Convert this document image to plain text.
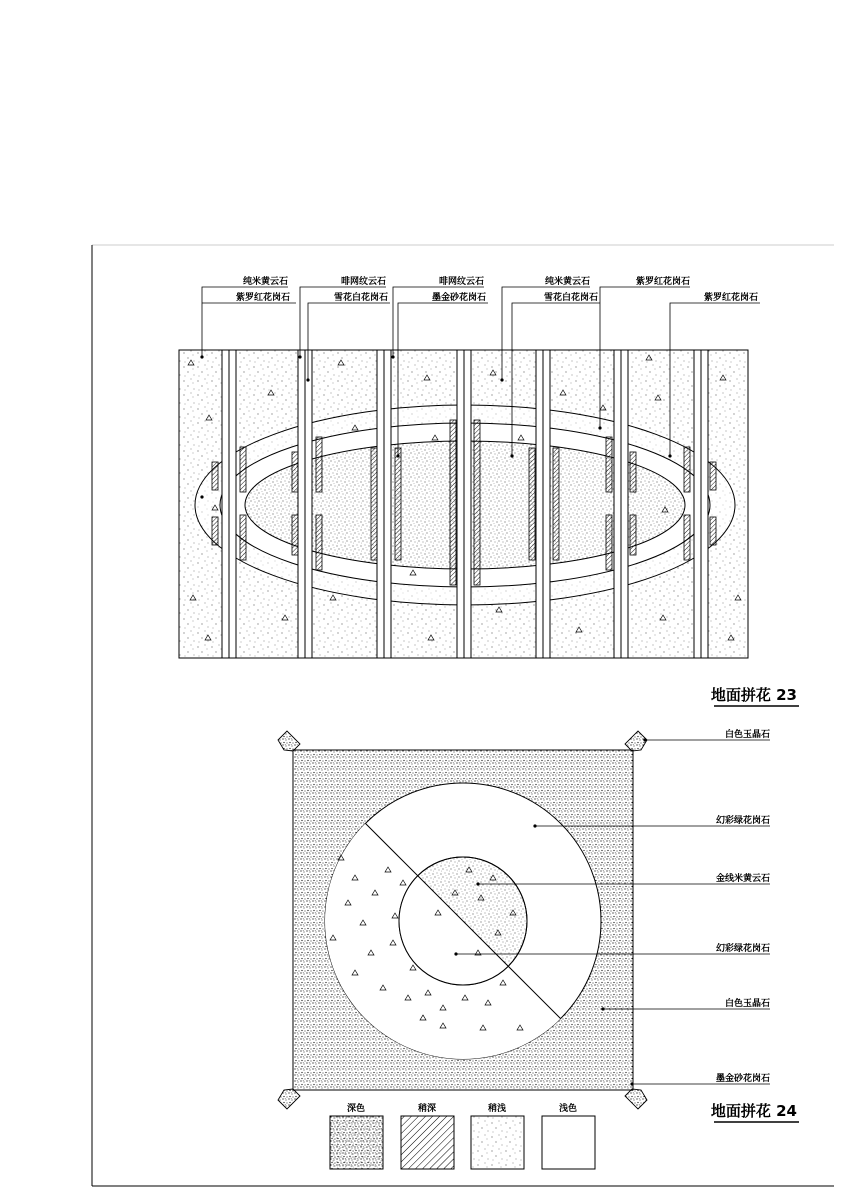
纯米黄云石	啡网纹云石	啡网纹云石	纯米黄云石	紫罗红花岗石
紫罗红花岗石	雪花白花岗石	墨金砂花岗石	雪花白花岗石	紫罗红花岗石
地面拼花 23
白色玉晶石
幻彩绿花岗石
金线米黄云石
幻彩绿花岗石
白色玉晶石
墨金砂花岗石
地面拼花 24
深色	稍深	稍浅	浅色
